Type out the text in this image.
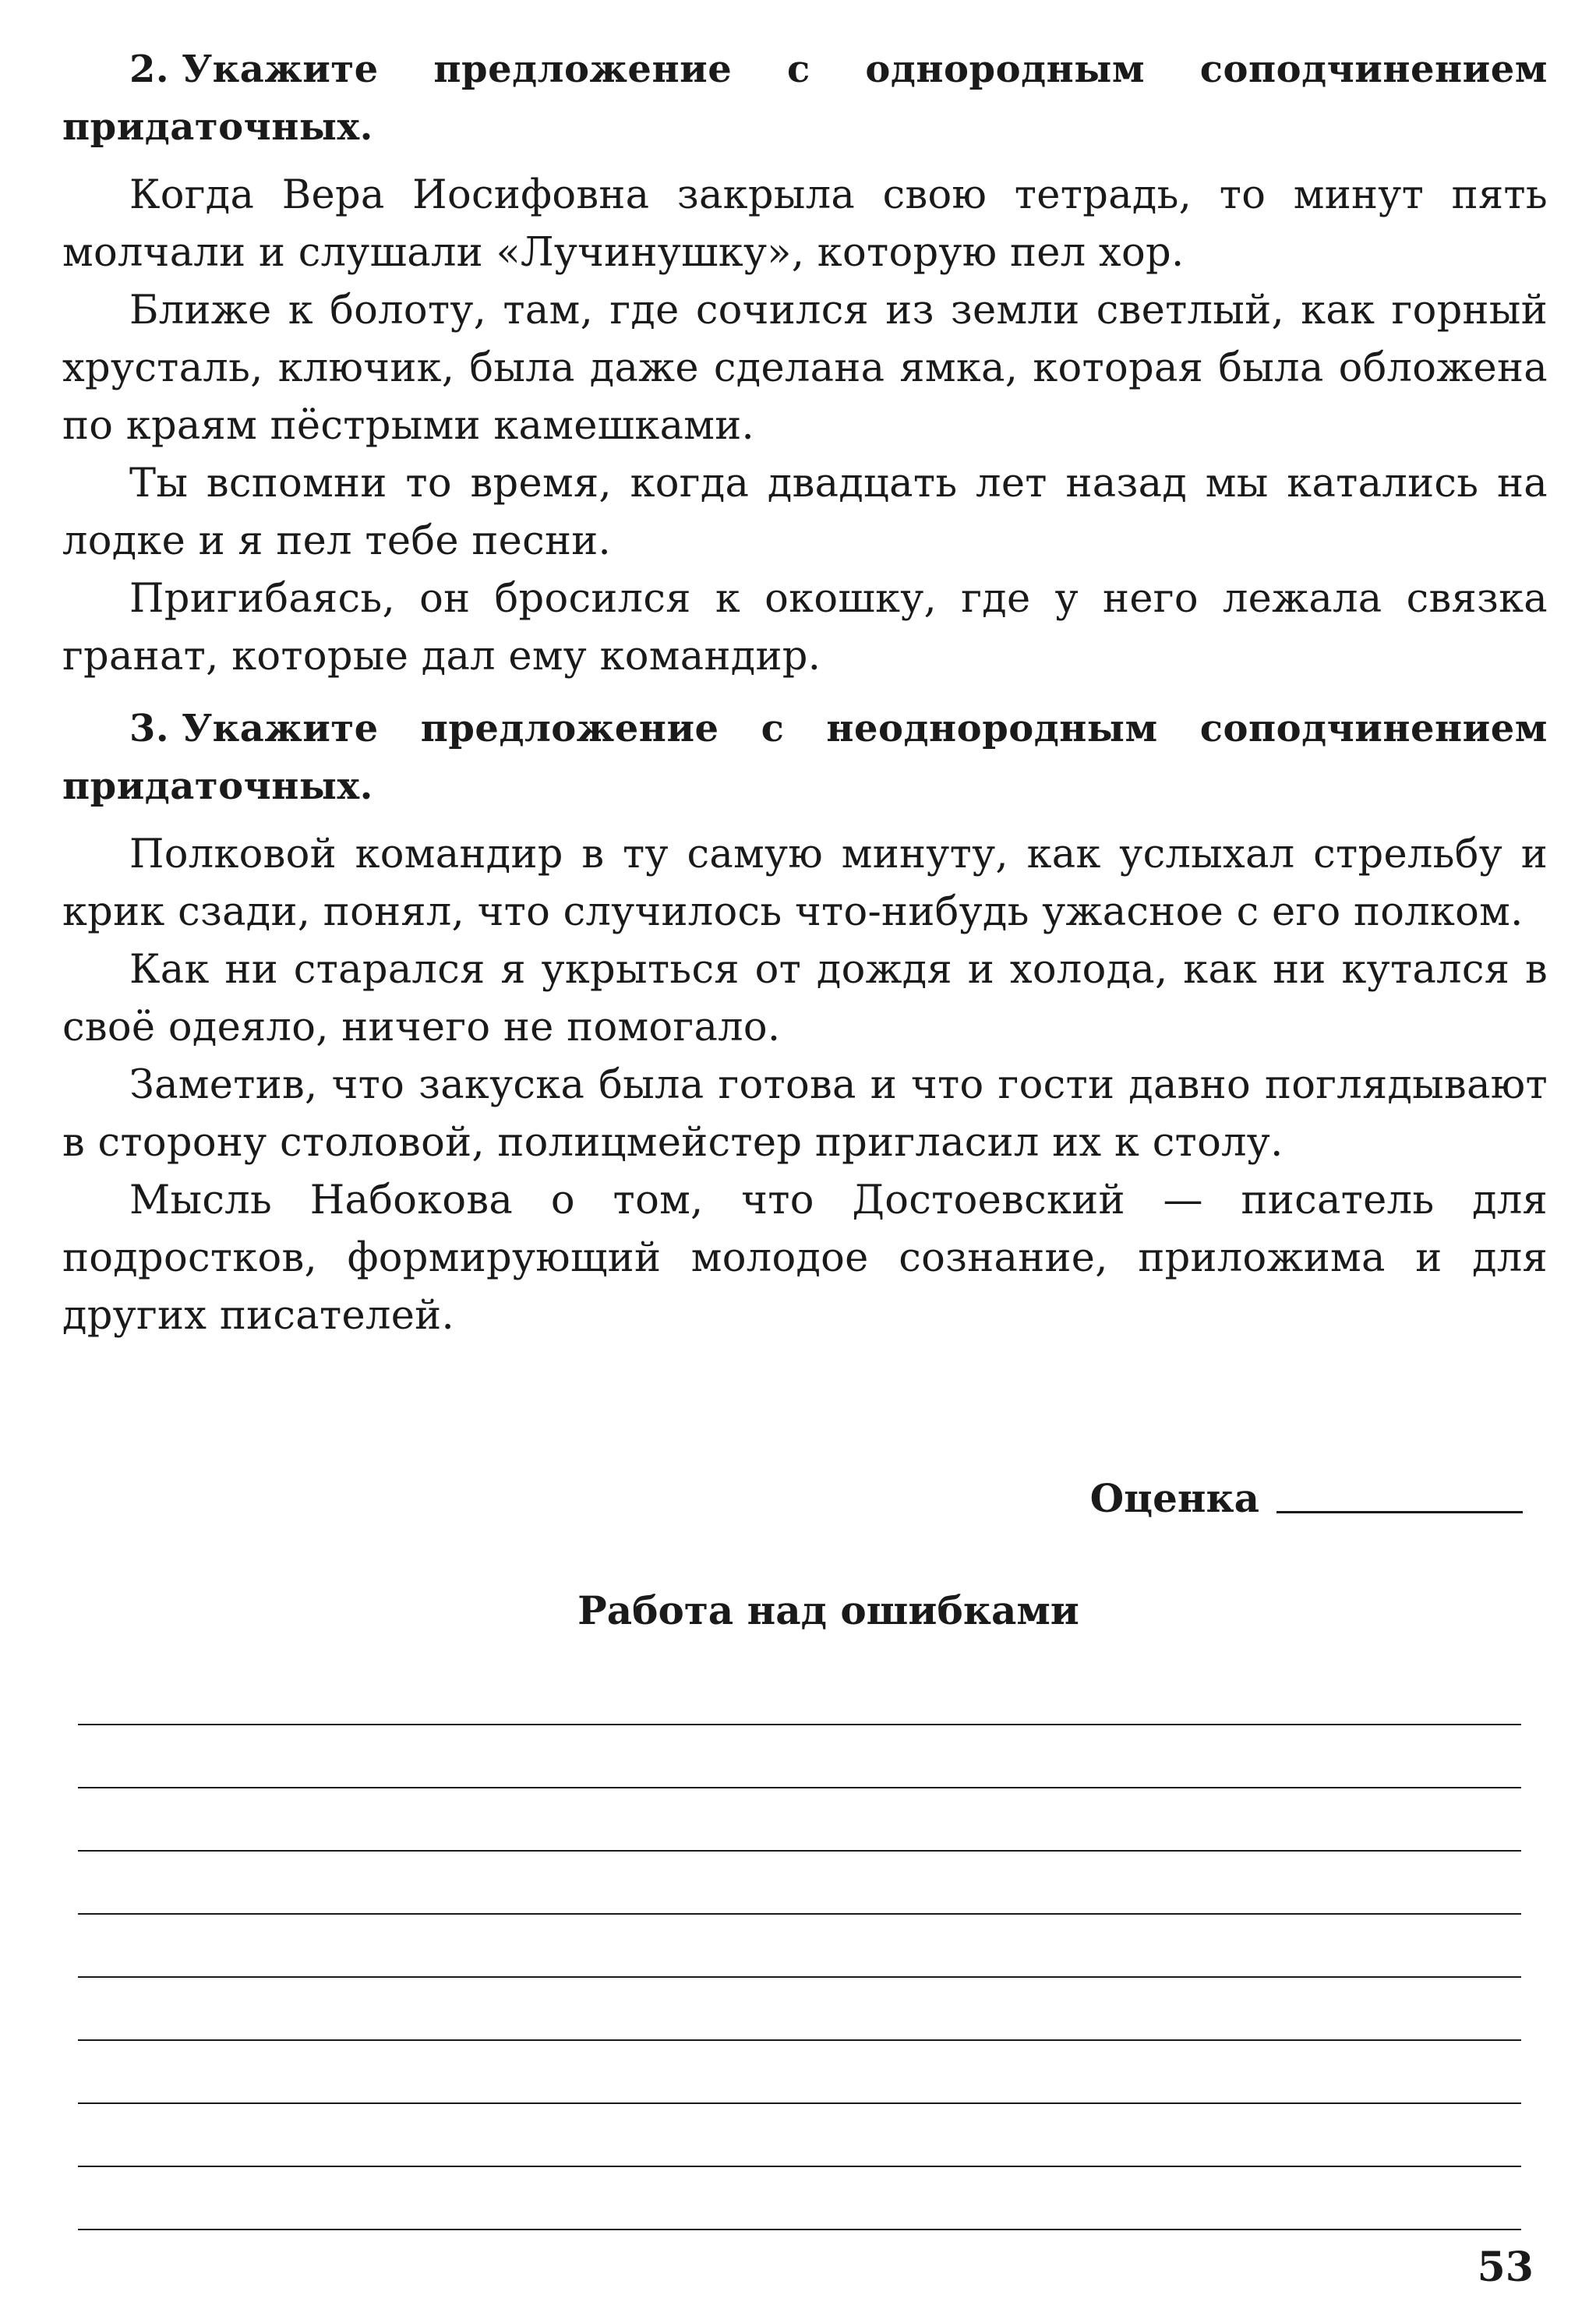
2. Укажите предложение с однородным соподчинением придаточных.

Когда Вера Иосифовна закрыла свою тетрадь, то минут пять молчали и слушали «Лучинушку», которую пел хор.

Ближе к болоту, там, где сочился из земли светлый, как горный хрусталь, ключик, была даже сделана ямка, которая была обложена по краям пёстрыми камешками.

Ты вспомни то время, когда двадцать лет назад мы катались на лодке и я пел тебе песни.

Пригибаясь, он бросился к окошку, где у него лежала связка гранат, которые дал ему командир.

3. Укажите предложение с неоднородным соподчинением придаточных.

Полковой командир в ту самую минуту, как услыхал стрельбу и крик сзади, понял, что случилось что-нибудь ужасное с его полком.

Как ни старался я укрыться от дождя и холода, как ни кутался в своё одеяло, ничего не помогало.

Заметив, что закуска была готова и что гости давно поглядывают в сторону столовой, полицмейстер пригласил их к столу.

Мысль Набокова о том, что Достоевский — писатель для подростков, формирующий молодое сознание, приложима и для других писателей.

Оценка

Работа над ошибками

53
